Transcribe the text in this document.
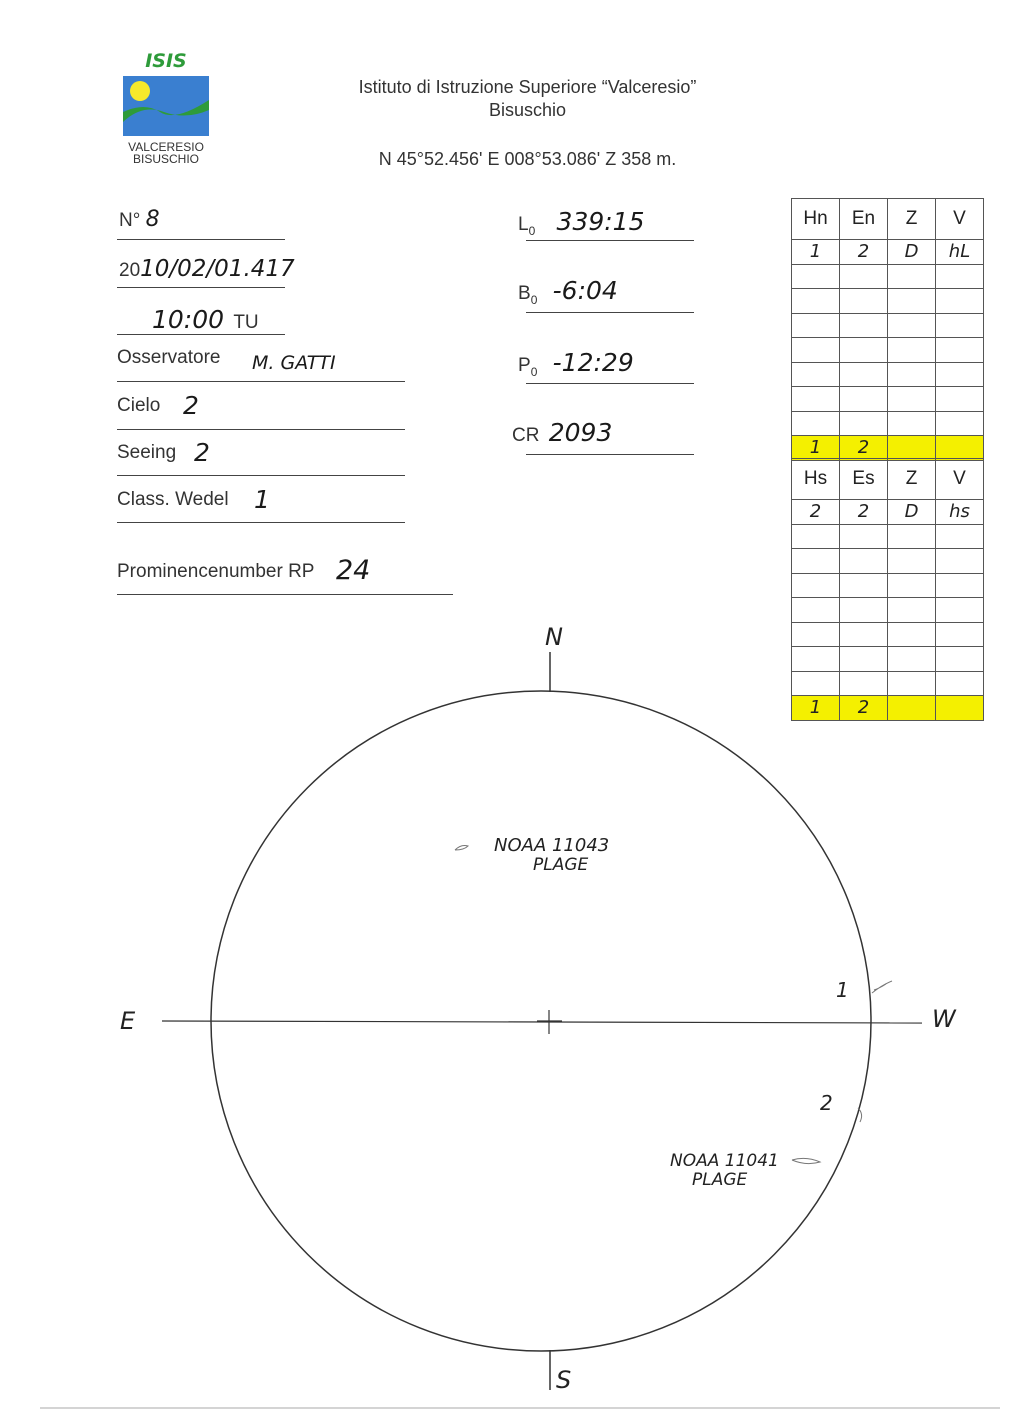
ISIS
VALCERESIO
BISUSCHIO
Istituto di Istruzione Superiore “Valceresio”
Bisuschio
N 45°52.456' E 008°53.086' Z 358 m.
N° 8
2010/02/01.417
10:00 TU
Osservatore M. GATTI
Cielo 2
Seeing 2
Class. Wedel 1
Prominencenumber RP 24
$L_0$ 339:15
$B_0$ -6:04
$P_0$ -12:29
CR 2093
Hn	En	Z	V
1	2	D	hL

1	2		
Hs	Es	Z	V
2	2	D	hs

1	2		
N
S
E	W
NOAA 11043
PLAGE
NOAA 11041
PLAGE
1
2
